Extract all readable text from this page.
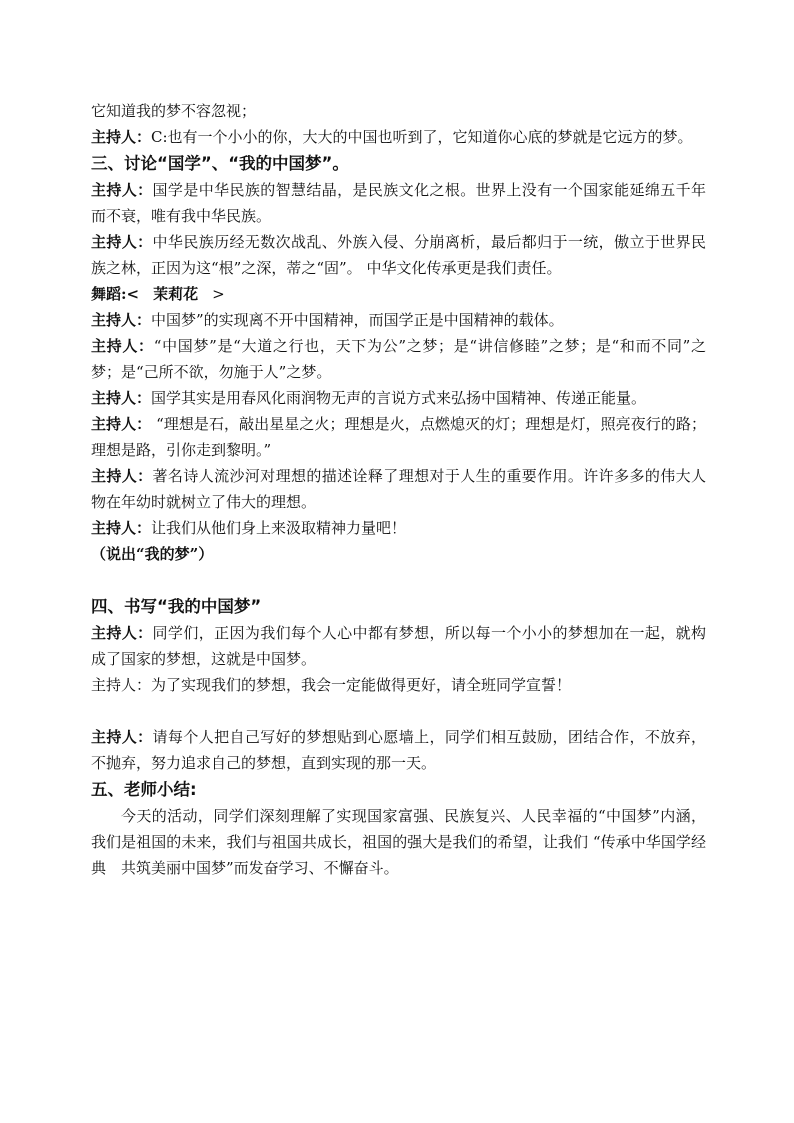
它知道我的梦不容忽视；

主持人：C:也有一个小小的你，大大的中国也听到了，它知道你心底的梦就是它远方的梦。

三、讨论“国学”、“我的中国梦”。

主持人：国学是中华民族的智慧结晶，是民族文化之根。世界上没有一个国家能延绵五千年而不衰，唯有我中华民族。

主持人：中华民族历经无数次战乱、外族入侵、分崩离析，最后都归于一统，傲立于世界民族之林，正因为这“根”之深，蒂之“固”。 中华文化传承更是我们责任。

舞蹈:< 茉莉花 >

主持人：中国梦”的实现离不开中国精神，而国学正是中国精神的载体。

主持人：“中国梦”是“大道之行也，天下为公”之梦；是“讲信修睦”之梦；是“和而不同”之梦；是“己所不欲，勿施于人”之梦。

主持人：国学其实是用春风化雨润物无声的言说方式来弘扬中国精神、传递正能量。

主持人： “理想是石，敲出星星之火；理想是火，点燃熄灭的灯；理想是灯，照亮夜行的路；理想是路，引你走到黎明。”

主持人：著名诗人流沙河对理想的描述诠释了理想对于人生的重要作用。许许多多的伟大人物在年幼时就树立了伟大的理想。

主持人：让我们从他们身上来汲取精神力量吧！

（说出“我的梦”）

四、书写“我的中国梦”

主持人：同学们，正因为我们每个人心中都有梦想，所以每一个小小的梦想加在一起，就构成了国家的梦想，这就是中国梦。

主持人：为了实现我们的梦想，我会一定能做得更好，请全班同学宣誓！

主持人：请每个人把自己写好的梦想贴到心愿墙上，同学们相互鼓励，团结合作，不放弃，不抛弃，努力追求自己的梦想，直到实现的那一天。

五、老师小结:

今天的活动，同学们深刻理解了实现国家富强、民族复兴、人民幸福的“中国梦”内涵，我们是祖国的未来，我们与祖国共成长，祖国的强大是我们的希望，让我们 “传承中华国学经典　共筑美丽中国梦”而发奋学习、不懈奋斗。
